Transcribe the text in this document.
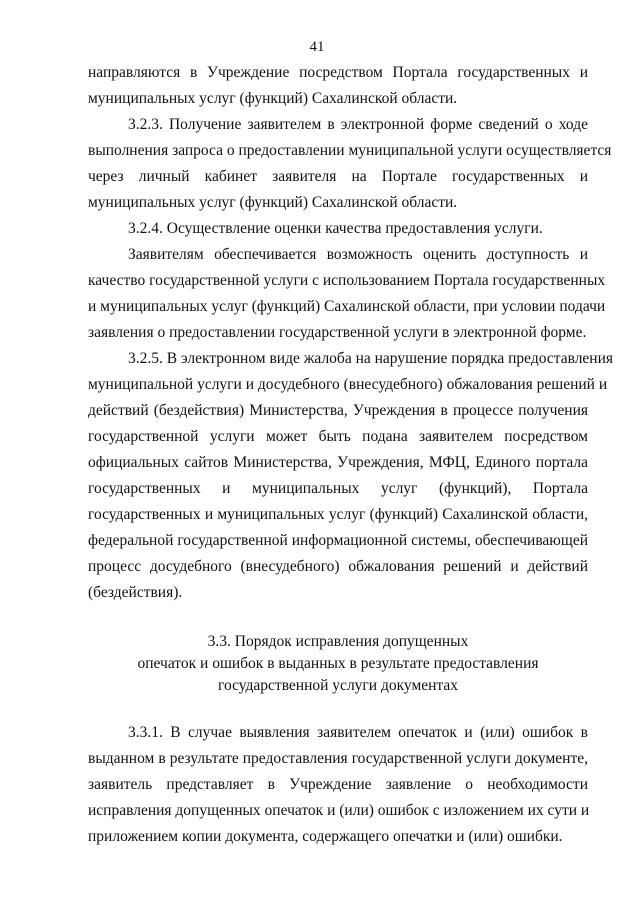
41
направляются в Учреждение посредством Портала государственных и
муниципальных услуг (функций) Сахалинской области.
3.2.3. Получение заявителем в электронной форме сведений о ходе
выполнения запроса о предоставлении муниципальной услуги осуществляется
через личный кабинет заявителя на Портале государственных и
муниципальных услуг (функций) Сахалинской области.
3.2.4. Осуществление оценки качества предоставления услуги.
Заявителям обеспечивается возможность оценить доступность и
качество государственной услуги с использованием Портала государственных
и муниципальных услуг (функций) Сахалинской области, при условии подачи
заявления о предоставлении государственной услуги в электронной форме.
3.2.5. В электронном виде жалоба на нарушение порядка предоставления
муниципальной услуги и досудебного (внесудебного) обжалования решений и
действий (бездействия) Министерства, Учреждения в процессе получения
государственной услуги может быть подана заявителем посредством
официальных сайтов Министерства, Учреждения, МФЦ, Единого портала
государственных и муниципальных услуг (функций), Портала
государственных и муниципальных услуг (функций) Сахалинской области,
федеральной государственной информационной системы, обеспечивающей
процесс досудебного (внесудебного) обжалования решений и действий
(бездействия).
3.3. Порядок исправления допущенных
опечаток и ошибок в выданных в результате предоставления
государственной услуги документах
3.3.1. В случае выявления заявителем опечаток и (или) ошибок в
выданном в результате предоставления государственной услуги документе,
заявитель представляет в Учреждение заявление о необходимости
исправления допущенных опечаток и (или) ошибок с изложением их сути и
приложением копии документа, содержащего опечатки и (или) ошибки.
